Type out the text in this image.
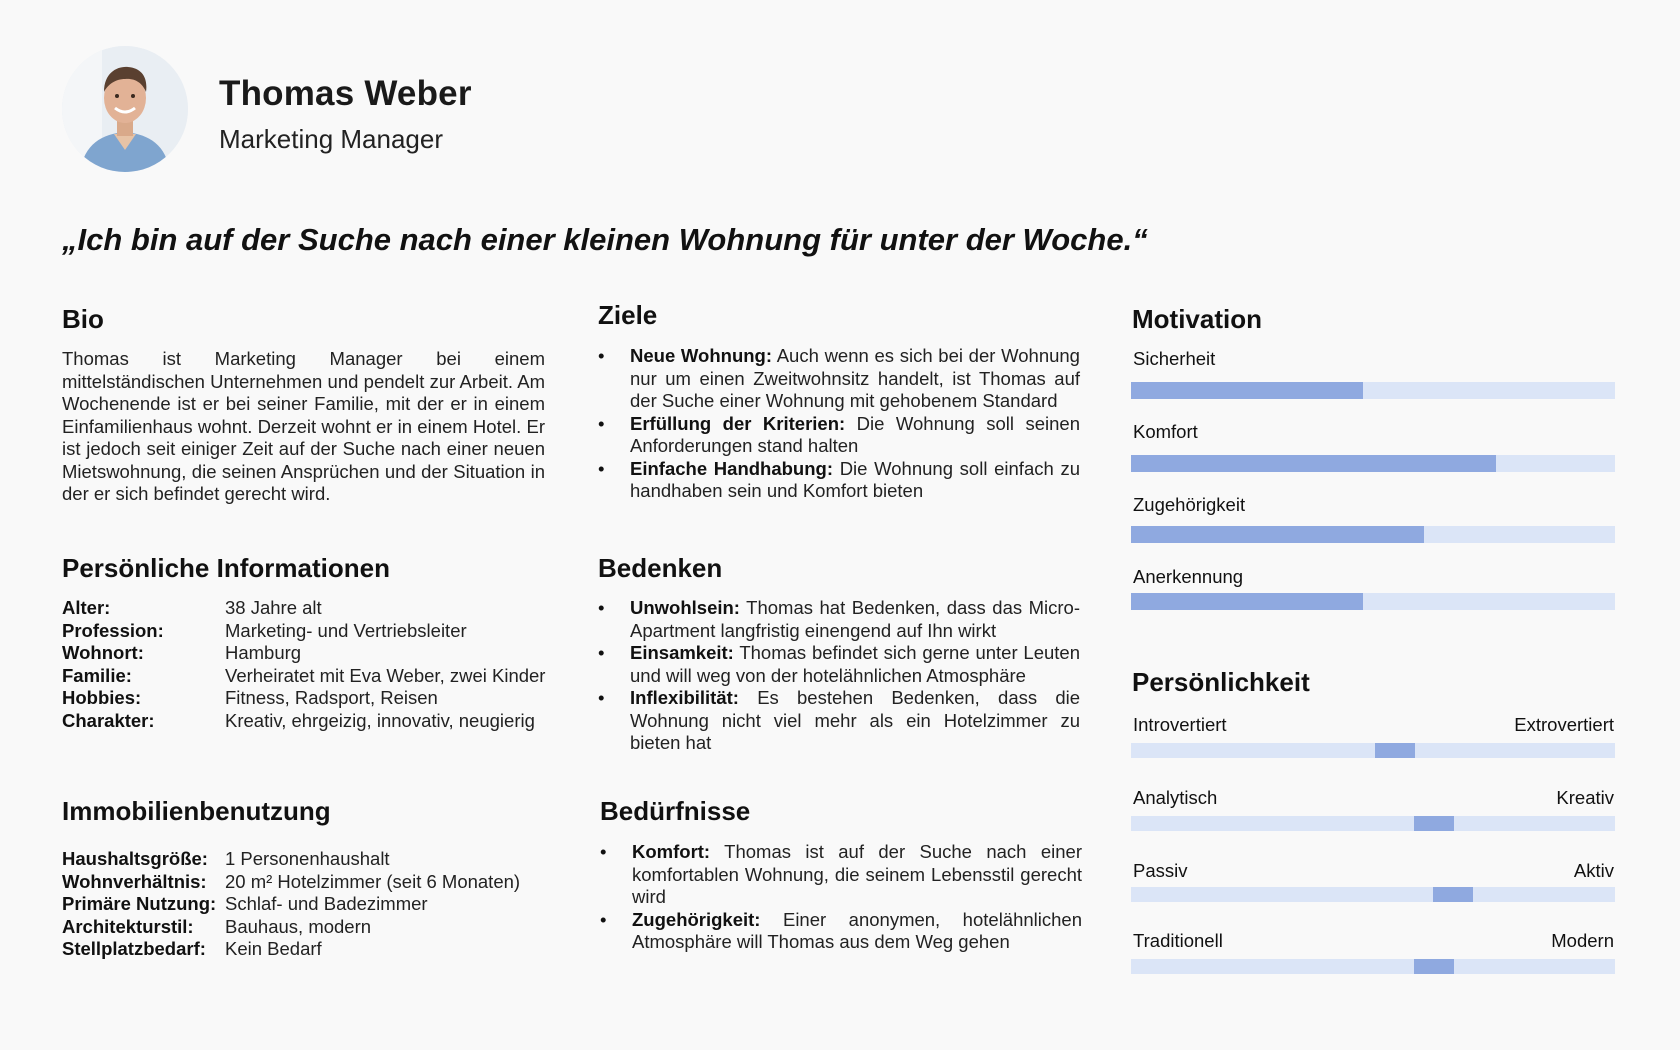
Thomas Weber
Marketing Manager
„Ich bin auf der Suche nach einer kleinen Wohnung für unter der Woche.“
Bio
Thomas ist Marketing Manager bei einem mittelständischen Unternehmen und pendelt zur Arbeit. Am Wochenende ist er bei seiner Familie, mit der er in einem Einfamilienhaus wohnt. Derzeit wohnt er in einem Hotel. Er ist jedoch seit einiger Zeit auf der Suche nach einer neuen Mietswohnung, die seinen Ansprüchen und der Situation in der er sich befindet gerecht wird.
Persönliche Informationen
Alter:	38 Jahre alt
Profession:	Marketing- und Vertriebsleiter
Wohnort:	Hamburg
Familie:	Verheiratet mit Eva Weber, zwei Kinder
Hobbies:	Fitness, Radsport, Reisen
Charakter:	Kreativ, ehrgeizig, innovativ, neugierig
Immobilienbenutzung
Haushaltsgröße: 1 Personenhaushalt
Wohnverhältnis: 20 m² Hotelzimmer (seit 6 Monaten)
Primäre Nutzung: Schlaf- und Badezimmer
Architekturstil: Bauhaus, modern
Stellplatzbedarf: Kein Bedarf
Ziele
• Neue Wohnung: Auch wenn es sich bei der Wohnung nur um einen Zweitwohnsitz handelt, ist Thomas auf der Suche einer Wohnung mit gehobenem Standard
• Erfüllung der Kriterien: Die Wohnung soll seinen Anforderungen stand halten
• Einfache Handhabung: Die Wohnung soll einfach zu handhaben sein und Komfort bieten
Bedenken
• Unwohlsein: Thomas hat Bedenken, dass das Micro-Apartment langfristig einengend auf Ihn wirkt
• Einsamkeit: Thomas befindet sich gerne unter Leuten und will weg von der hotelähnlichen Atmosphäre
• Inflexibilität: Es bestehen Bedenken, dass die Wohnung nicht viel mehr als ein Hotelzimmer zu bieten hat
Bedürfnisse
• Komfort: Thomas ist auf der Suche nach einer komfortablen Wohnung, die seinem Lebensstil gerecht wird
• Zugehörigkeit: Einer anonymen, hotelähnlichen Atmosphäre will Thomas aus dem Weg gehen
Motivation
Sicherheit
Komfort
Zugehörigkeit
Anerkennung
Persönlichkeit
Introvertiert	Extrovertiert
Analytisch	Kreativ
Passiv	Aktiv
Traditionell	Modern
